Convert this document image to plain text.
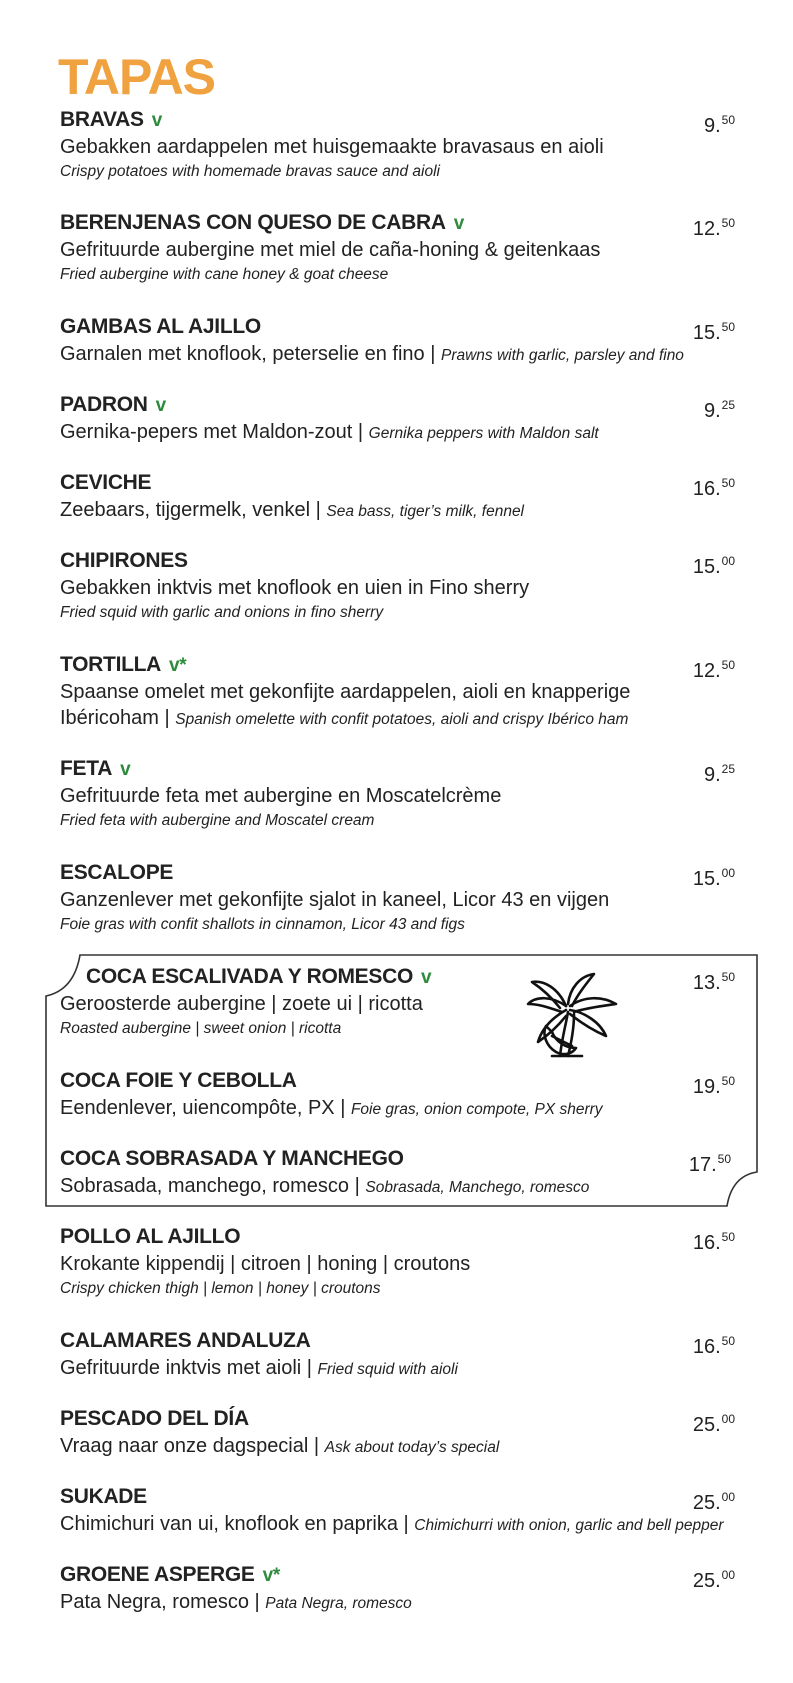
TAPAS
BRAVAS v
Gebakken aardappelen met huisgemaakte bravasaus en aioli
Crispy potatoes with homemade bravas sauce and aioli
9.50
BERENJENAS CON QUESO DE CABRA v
Gefrituurde aubergine met miel de caña-honing & geitenkaas
Fried aubergine with cane honey & goat cheese
12.50
GAMBAS AL AJILLO
Garnalen met knoflook, peterselie en fino | Prawns with garlic, parsley and fino
15.50
PADRON v
Gernika-pepers met Maldon-zout | Gernika peppers with Maldon salt
9.25
CEVICHE
Zeebaars, tijgermelk, venkel | Sea bass, tiger’s milk, fennel
16.50
CHIPIRONES
Gebakken inktvis met knoflook en uien in Fino sherry
Fried squid with garlic and onions in fino sherry
15.00
TORTILLA v*
Spaanse omelet met gekonfijte aardappelen, aioli en knapperige
Ibéricoham | Spanish omelette with confit potatoes, aioli and crispy Ibérico ham
12.50
FETA v
Gefrituurde feta met aubergine en Moscatelcrème
Fried feta with aubergine and Moscatel cream
9.25
ESCALOPE
Ganzenlever met gekonfijte sjalot in kaneel, Licor 43 en vijgen
Foie gras with confit shallots in cinnamon, Licor 43 and figs
15.00
COCA ESCALIVADA Y ROMESCO v
Geroosterde aubergine | zoete ui | ricotta
Roasted aubergine | sweet onion | ricotta
13.50
COCA FOIE Y CEBOLLA
Eendenlever, uiencompôte, PX | Foie gras, onion compote, PX sherry
19.50
COCA SOBRASADA Y MANCHEGO
Sobrasada, manchego, romesco | Sobrasada, Manchego, romesco
17.50
POLLO AL AJILLO
Krokante kippendij | citroen | honing | croutons
Crispy chicken thigh | lemon | honey | croutons
16.50
CALAMARES ANDALUZA
Gefrituurde inktvis met aioli | Fried squid with aioli
16.50
PESCADO DEL DÍA
Vraag naar onze dagspecial | Ask about today’s special
25.00
SUKADE
Chimichuri van ui, knoflook en paprika | Chimichurri with onion, garlic and bell pepper
25.00
GROENE ASPERGE v*
Pata Negra, romesco | Pata Negra, romesco
25.00
